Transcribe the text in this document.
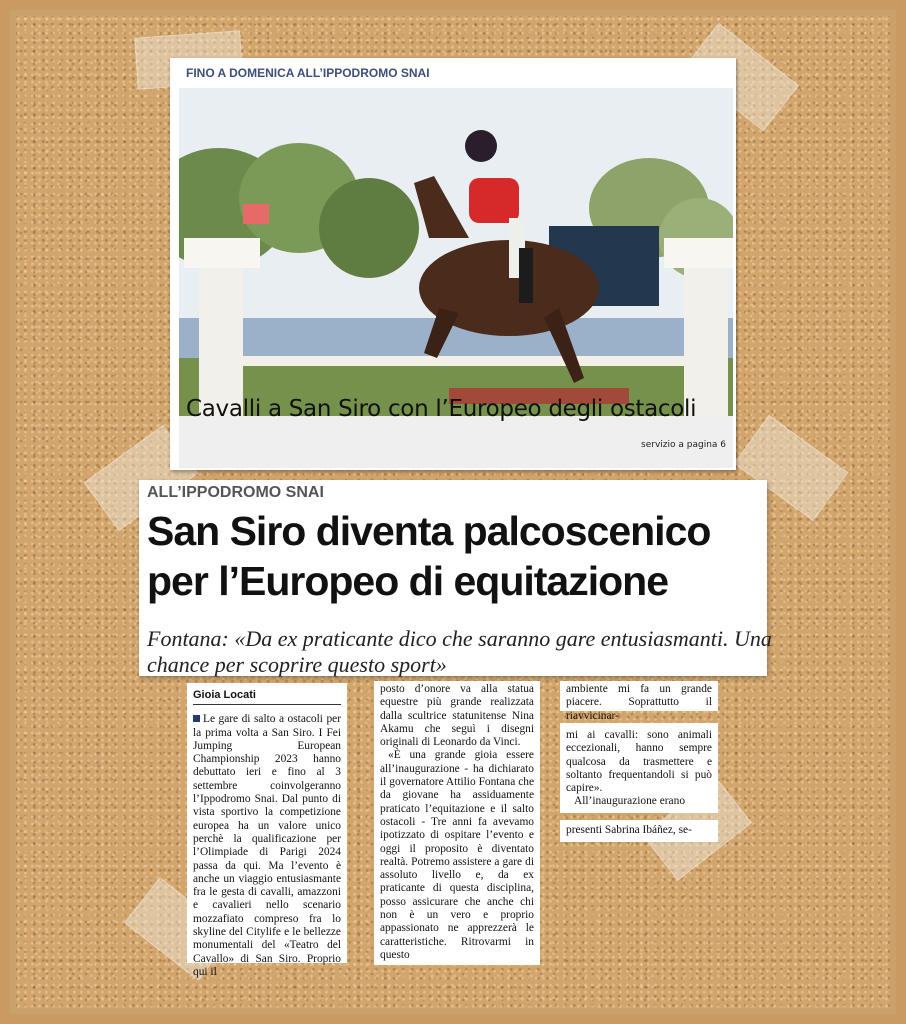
FINO A DOMENICA ALL’IPPODROMO SNAI
Cavalli a San Siro con l’Europeo degli ostacoli
servizio a pagina 6
ALL’IPPODROMO SNAI
San Siro diventa palcoscenico
per l’Europeo di equitazione
Fontana: «Da ex praticante dico che saranno gare entusiasmanti. Una chance per scoprire questo sport»
Gioia Locati

Le gare di salto a ostacoli per la prima volta a San Siro. I Fei Jumping European Championship 2023 hanno debuttato ieri e fino al 3 settembre coinvolgeranno l’Ippodromo Snai. Dal punto di vista sportivo la competizione europea ha un valore unico perchè la qualificazione per l’Olimpiade di Parigi 2024 passa da qui. Ma l’evento è anche un viaggio entusiasmante fra le gesta di cavalli, amazzoni e cavalieri nello scenario mozzafiato compreso fra lo skyline del Citylife e le bellezze monumentali del «Teatro del Cavallo» di San Siro. Proprio qui il

posto d’onore va alla statua equestre più grande realizzata dalla scultrice statunitense Nina Akamu che seguì i disegni originali di Leonardo da Vinci.

«È una grande gioia essere all’inaugurazione - ha dichiarato il governatore Attilio Fontana che da giovane ha assiduamente praticato l’equitazione e il salto ostacoli - Tre anni fa avevamo ipotizzato di ospitare l’evento e oggi il proposito è diventato realtà. Potremo assistere a gare di assoluto livello e, da ex praticante di questa disciplina, posso assicurare che anche chi non è un vero e proprio appassionato ne apprezzerà le caratteristiche. Ritrovarmi in questo

ambiente mi fa un grande piacere. Soprattutto il riavvicinar-

mi ai cavalli: sono animali eccezionali, hanno sempre qualcosa da trasmettere e soltanto frequentandoli si può capire».

All’inaugurazione erano

presenti Sabrina Ibáñez, se-
